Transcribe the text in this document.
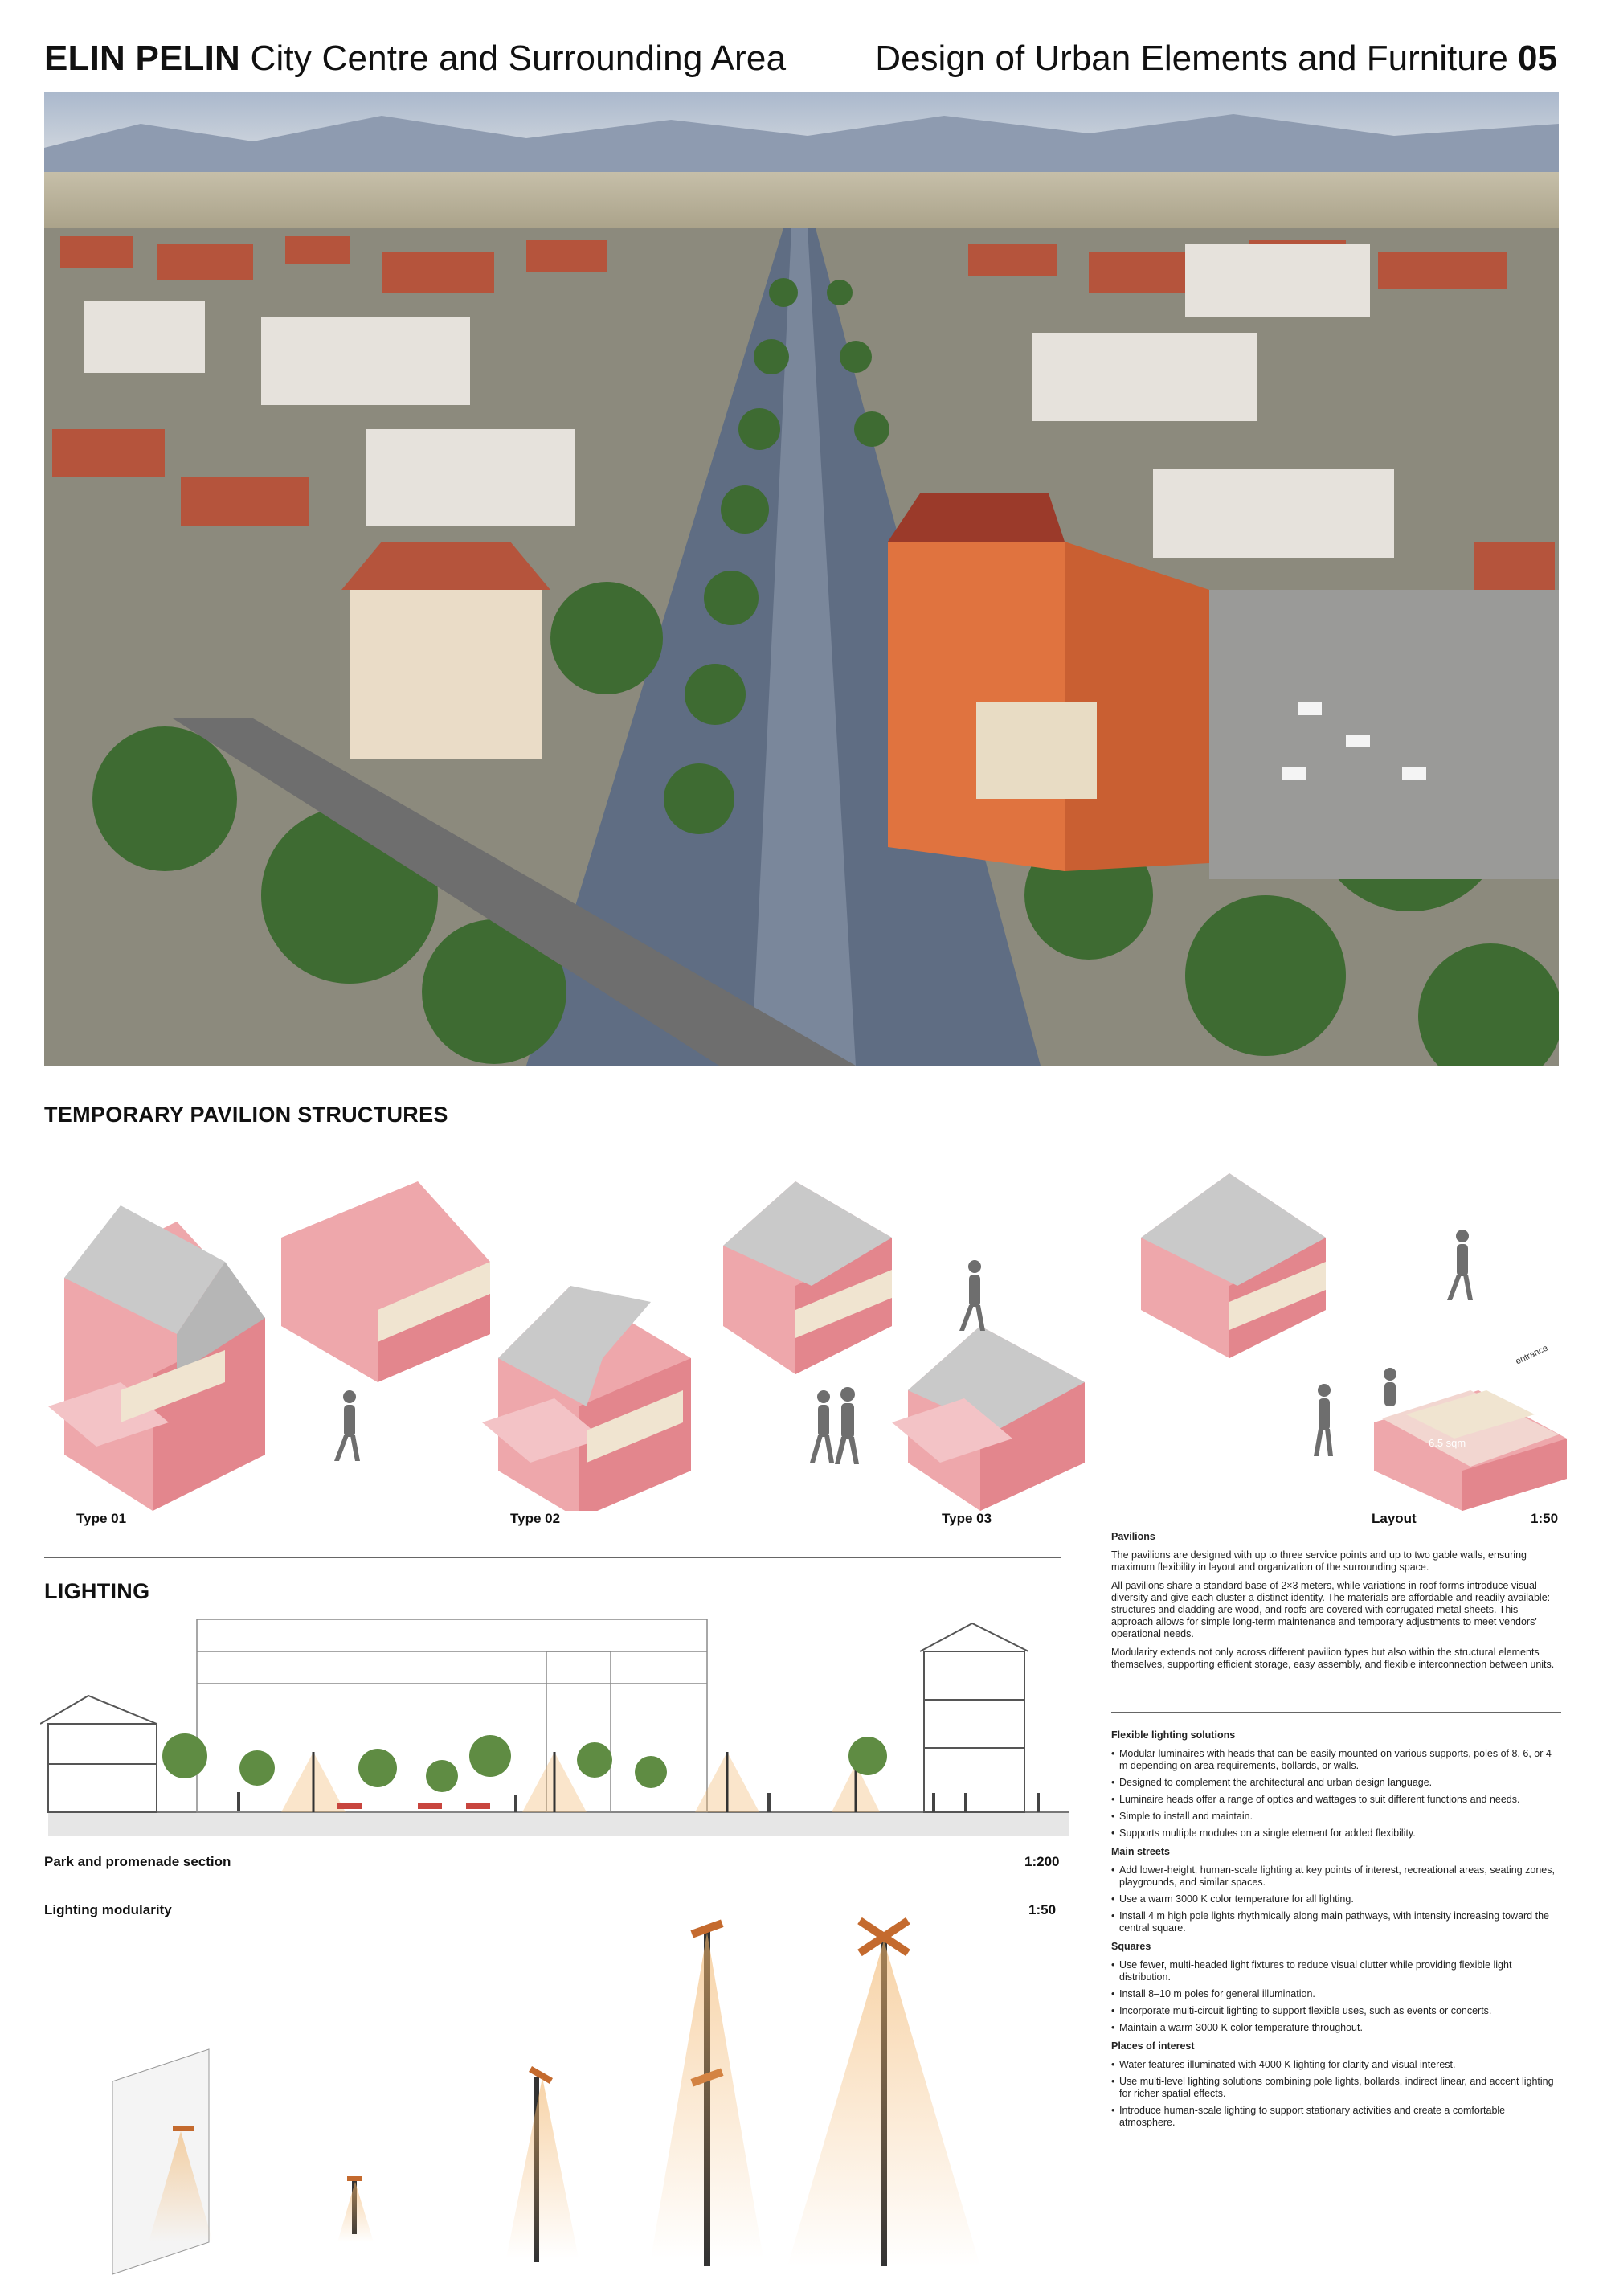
ELIN PELIN City Centre and Surrounding Area	Design of Urban Elements and Furniture 05
TEMPORARY PAVILION STRUCTURES
6.5 sqm
entrance
Type 01	Type 02	Type 03	Layout	1:50
LIGHTING
Park and promenade section	1:200
Lighting modularity	1:50
Pavilions

The pavilions are designed with up to three service points and up to two gable walls, ensuring maximum flexibility in layout and organization of the surrounding space.

All pavilions share a standard base of 2×3 meters, while variations in roof forms introduce visual diversity and give each cluster a distinct identity. The materials are affordable and readily available: structures and cladding are wood, and roofs are covered with corrugated metal sheets. This approach allows for simple long-term maintenance and temporary adjustments to meet vendors' operational needs.

Modularity extends not only across different pavilion types but also within the structural elements themselves, supporting efficient storage, easy assembly, and flexible interconnection between units.

Flexible lighting solutions
• Modular luminaires with heads that can be easily mounted on various supports, poles of 8, 6, or 4 m depending on area requirements, bollards, or walls.
• Designed to complement the architectural and urban design language.
• Luminaire heads offer a range of optics and wattages to suit different functions and needs.
• Simple to install and maintain.
• Supports multiple modules on a single element for added flexibility.
Main streets
• Add lower-height, human-scale lighting at key points of interest, recreational areas, seating zones, playgrounds, and similar spaces.
• Use a warm 3000 K color temperature for all lighting.
• Install 4 m high pole lights rhythmically along main pathways, with intensity increasing toward the central square.
Squares
• Use fewer, multi-headed light fixtures to reduce visual clutter while providing flexible light distribution.
• Install 8–10 m poles for general illumination.
• Incorporate multi-circuit lighting to support flexible uses, such as events or concerts.
• Maintain a warm 3000 K color temperature throughout.
Places of interest
• Water features illuminated with 4000 K lighting for clarity and visual interest.
• Use multi-level lighting solutions combining pole lights, bollards, indirect linear, and accent lighting for richer spatial effects.
• Introduce human-scale lighting to support stationary activities and create a comfortable atmosphere.
